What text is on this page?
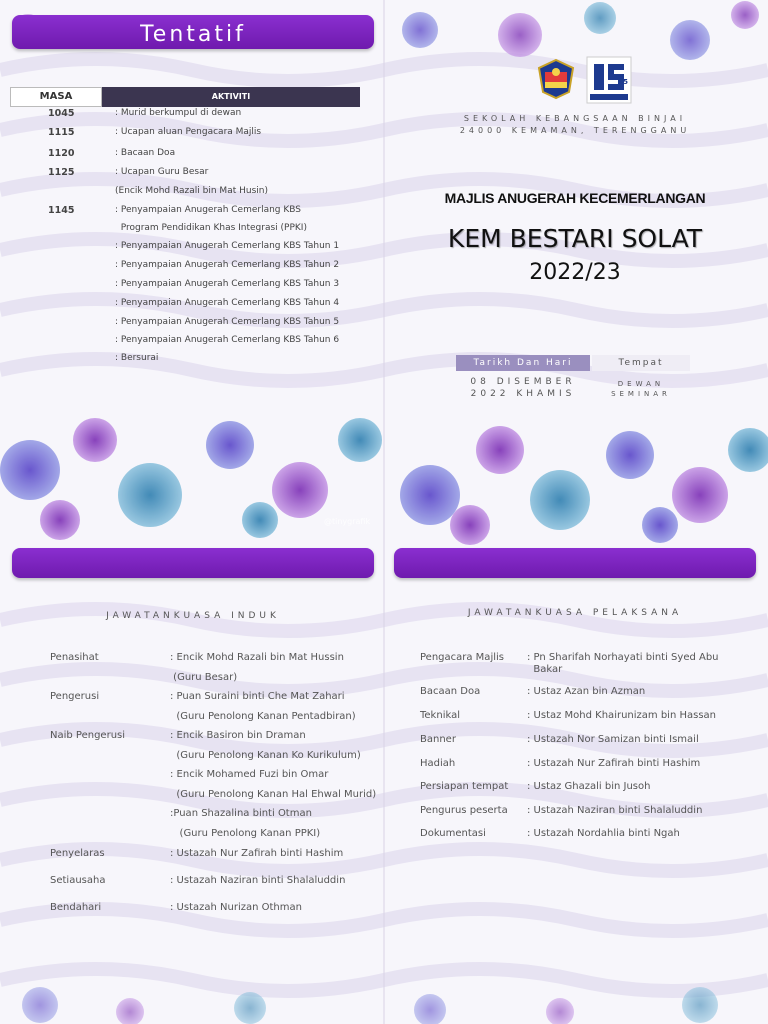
Tentatif
MASA	AKTIVITI
1045	: Murid berkumpul di dewan
1115	: Ucapan aluan Pengacara Majlis
1120	: Bacaan Doa
1125	: Ucapan Guru Besar
(Encik Mohd Razali bin Mat Husin)
1145	: Penyampaian Anugerah Cemerlang KBS
Program Pendidikan Khas Integrasi (PPKI)
: Penyampaian Anugerah Cemerlang KBS Tahun 1
: Penyampaian Anugerah Cemerlang KBS Tahun 2
: Penyampaian Anugerah Cemerlang KBS Tahun 3
: Penyampaian Anugerah Cemerlang KBS Tahun 4
: Penyampaian Anugerah Cemerlang KBS Tahun 5
: Penyampaian Anugerah Cemerlang KBS Tahun 6
: Bersurai
25
SEKOLAH KEBANGSAAN BINJAI
24000 KEMAMAN, TERENGGANU
MAJLIS ANUGERAH KECEMERLANGAN
KEM BESTARI SOLAT
2022/23
Tarikh Dan Hari	Tempat
08 DISEMBER
2022 KHAMIS
DEWAN
SEMINAR
@tinygrafik
JAWATANKUASA INDUK	JAWATANKUASA PELAKSANA
Penasihat	: Encik Mohd Razali bin Mat Hussin
(Guru Besar)
Pengerusi	: Puan Suraini binti Che Mat Zahari
(Guru Penolong Kanan Pentadbiran)
Naib Pengerusi	: Encik Basiron bin Draman
(Guru Penolong Kanan Ko Kurikulum)
: Encik Mohamed Fuzi bin Omar
(Guru Penolong Kanan Hal Ehwal Murid)
:Puan Shazalina binti Otman
(Guru Penolong Kanan PPKI)
Penyelaras	: Ustazah Nur Zafirah binti Hashim
Setiausaha	: Ustazah Naziran binti Shalaluddin
Bendahari	: Ustazah Nurizan Othman
Pengacara Majlis : Pn Sharifah Norhayati binti Syed Abu
Bakar
Bacaan Doa	: Ustaz Azan bin Azman
Teknikal	: Ustaz Mohd Khairunizam bin Hassan
Banner	: Ustazah Nor Samizan binti Ismail
Hadiah	: Ustazah Nur Zafirah binti Hashim
Persiapan tempat : Ustaz Ghazali bin Jusoh
Pengurus peserta : Ustazah Naziran binti Shalaluddin
Dokumentasi	: Ustazah Nordahlia binti Ngah
